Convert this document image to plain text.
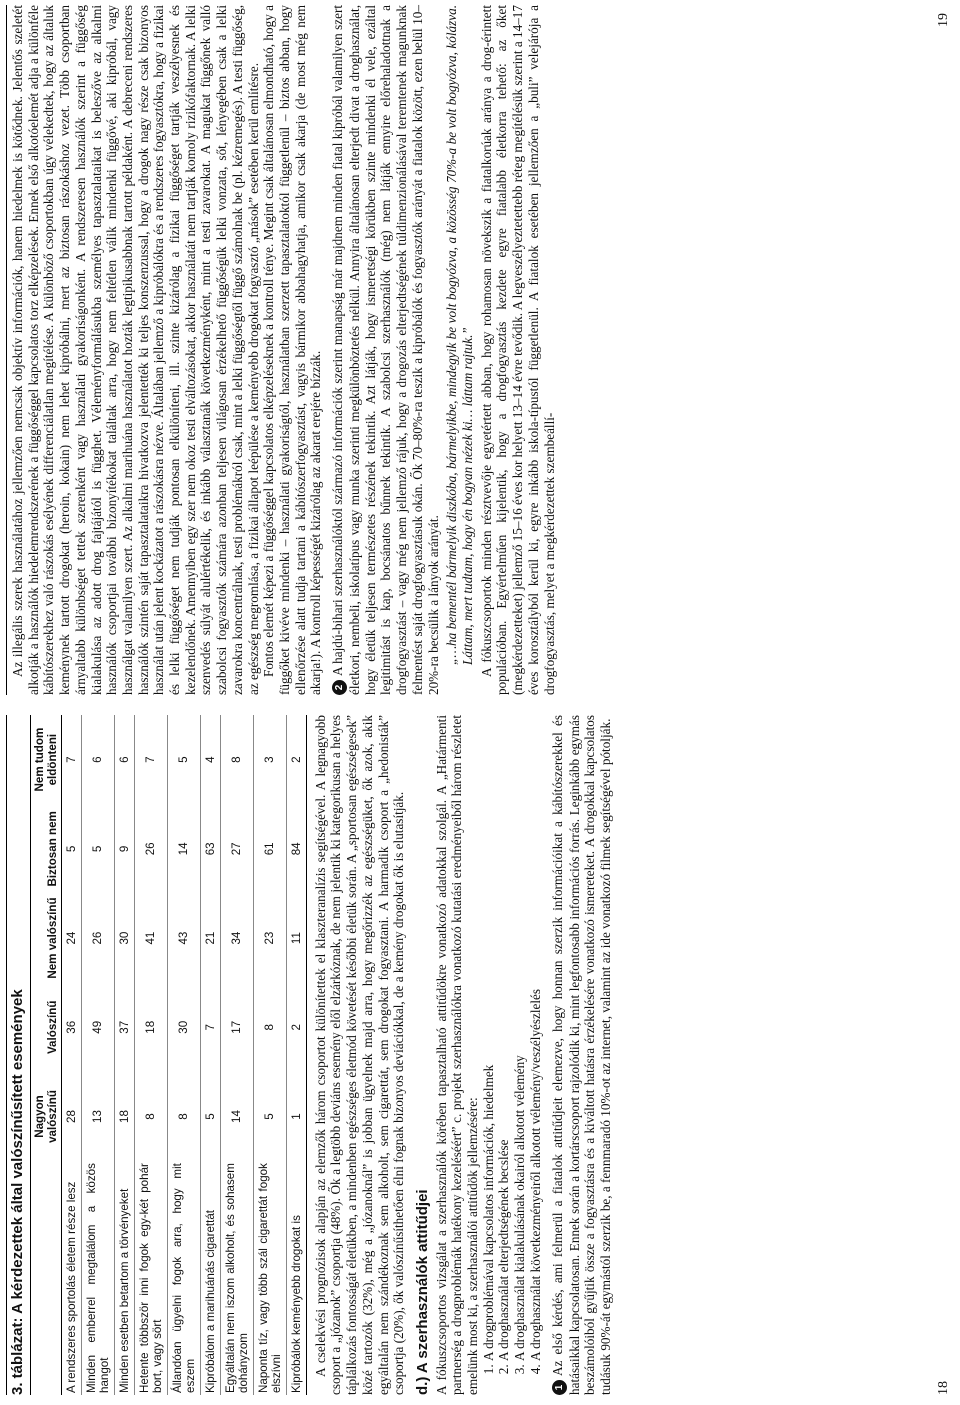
3. táblázat: A kérdezettek által valószínűsített események
	Nagyon valószínű	Valószínű	Nem valószínű	Biztosan nem	Nem tudom eldönteni
A rendszeres sportolás életem része lesz	28	36	24	5	7
Minden emberrel megtalálom a közös hangot	13	49	26	5	6
Minden esetben betartom a törvényeket	18	37	30	9	6
Hetente többször inni fogok egy-két pohár bort, vagy sört	8	18	41	26	7
Állandóan ügyelni fogok arra, hogy mit eszem	8	30	43	14	5
Kipróbálom a marihuánás cigarettát	5	7	21	63	4
Egyáltalán nem iszom alkoholt, és sohasem dohányzom	14	17	34	27	8
Naponta tíz, vagy több szál cigarettát fogok elszívni	5	8	23	61	3
Kipróbálok keményebb drogokat is	1	2	11	84	2 A cselekvési prognózisok alapján az elemzők három csoportot különítettek el klaszteranalízis segítségével. A legnagyobb csoport a „józanok” csoportja (48%). Ők a legtöbb deviáns esemény elől elzárkóznak, de nem jelentik ki kategorikusan a helyes táplálkozás fontosságát életükben, a mindenben egészséges életmód követését későbbi életük során. A „sportosan egészségesek” közé tartozók (32%), még a „józanoknál” is jobban ügyelnek majd arra, hogy megőrizzék az egészségüket, ők azok, akik egyáltalán nem szándékoznak sem alkoholt, sem cigarettát, sem drogokat fogyasztani. A harmadik csoport a „hedonisták” csoportja (20%), ők valószínűsíthetően élni fognak bizonyos deviációkkal, de a kemény drogokat ők is elutasítják. d.) A szerhasználók attitűdjei A fókuszcsoportos vizsgálat a szerhasználók körében tapasztalható attitűdökre vonatkozó adatokkal szolgál. A „Határmenti partnerség a drogproblémák hatékony kezeléséért” c. projekt szerhasználókra vonatkozó kutatási eredményeiből három részletet emelünk most ki, a szerhasználói attitűdök jellemzésére: 1. A drogproblémával kapcsolatos információk, hiedelmek 2. A droghasználat elterjedtségének becslése 3. A droghasználat kialakulásának okairól alkotott vélemény 4. A droghasználat következményeiről alkotott vélemény/veszélyészlelés

1Az első kérdés, ami felmerül a fiatalok attitűdjeit elemezve, hogy honnan szerzik információikat a kábítószerekkel és hatásaikkal kapcsolatosan. Ennek során a kortárscsoport rajzolódik ki, mint legfontosabb információs forrás. Leginkább egymás beszámolóiból gyűjtik össze a fogyasztásra és a kiváltott hatásra érzékelésére vonatkozó ismereteket. A drogokkal kapcsolatos tudásuk 90%-át egymástól szerzik be, a fennmaradó 10%-ot az internet, valamint az ide vonatkozó filmek segítségével pótolják.

Az illegális szerek használatához jellemzően nemcsak objektív információk, hanem hiedelmek is kötődnek. Jelentős szeletét alkotják a használók hiedelemrendszerének a függőséggel kapcsolatos torz elképzelések. Ennek első alkotóelemét adja a különféle kábítószerekhez való rászokás esélyének differenciálatlan megítélése. A különböző csoportokban úgy vélekedtek, hogy az általuk keménynek tartott drogokat (heroin, kokain) nem lehet kipróbálni, mert az biztosan rászokáshoz vezet. Több csoportban árnyaltabb különbséget tettek szerenként vagy használati gyakoriságonként. A rendszeresen használók szerint a függőség kialakulása az adott drog fajtájától is függhet. Véleményformálásukba személyes tapasztalataikat is beleszőve az alkalmi használók csoportjai további bizonyítékokat találtak arra, hogy nem feltétlen válik mindenki függővé, aki kipróbál, vagy használgat valamilyen szert. Az alkalmi marihuána használatot hozták legtipikusabbnak tartott példaként. A debreceni rendszeres használók szintén saját tapasztalataikra hivatkozva jelentették ki teljes konszenzussal, hogy a drogok nagy része csak bizonyos használat után jelent kockázatot a rászokásra nézve. Általában jellemző a kipróbálókra és a rendszeres fogyasztókra, hogy a fizikai és lelki függőséget nem tudják pontosan elkülöníteni, ill. szinte kizárólag a fizikai függőséget tartják veszélyesnek és kezelendőnek. Amennyiben egy szer nem okoz testi elváltozásokat, akkor használatát nem tartják komoly rizikófaktornak. A lelki szenvedés súlyát alulértékelik, és inkább választanák következményként, mint a testi zavarokat. A magukat függőnek valló szabolcsi fogyasztók számára azonban teljesen világosan érzékelhető függőségük lelki vonzata, sőt, lényegében csak a lelki zavarokra koncentrálnak, testi problémákról csak, mint a lelki függőségtől függő számolnak be (pl. kézremegés). A testi függőség, az egészség megromlása, a fizikai állapot leépülése a keményebb drogokat fogyasztó „mások” esetében kerül említésre. Fontos elemét képezi a függőséggel kapcsolatos elképzeléseknek a kontroll ténye. Megint csak általánosan elmondható, hogy a függőket kivéve mindenki – használati gyakoriságtól, használatban szerzett tapasztalatoktól függetlenül – biztos abban, hogy ellenőrzése alatt tudja tartani a kábítószerfogyasztást, vagyis bármikor abbahagyhatja, amikor csak akarja (de most még nem akarja!). A kontroll képességét kizárólag az akarat erejére bízzák.	2A hajdú-bihari szerhasználóktól származó információk szerint manapság már majdnem minden fiatal kipróbál valamilyen szert életkori, nembeli, iskolatípus vagy munka szerinti megkülönböztetés nélkül. Annyira általánosan elterjedt divat a droghasználat, hogy életük teljesen természetes részének tekintik. Azt látják, hogy ismeretségi körükben szinte mindenki él vele, ezáltal legitimitást is kap, bocsánatos bűnnek tekintik. A szabolcsi szerhasználók (még) nem látják ennyire előrehaladottnak a drogfogyasztást – vagy még nem jellemző rájuk, hogy a drogozás elterjedtségének túldimenzionálásával teremtenek magunknak felmentést saját drogfogyasztásuk okán. Ők 70–80%-ra teszik a kipróbálók és fogyasztók arányát a fiatalok között, ezen belül 10–20%-ra becsülik a lányok arányát. „…ha bementél bármelyik diszkóba, bármelyikbe, mindegyik be volt bogyózva, a közösség 70%-a be volt bogyózva, kólázva. Láttam, mert tudtam, hogy én bogyan nézek ki… láttam rajtuk.” A fókuszcsoportok minden résztvevője egyetértett abban, hogy rohamosan növekszik a fiatalkorúak aránya a drog-érintett populációban. Egyértelműen kijelentik, hogy a drogfogyasztás kezdete egyre fiatalabb életkorra tehető: az őket (megkérdezetteket) jellemző 15–16 éves kor helyett 13–14 évre tevődik. A legveszélyeztetettebb réteg megítélésük szerint a 14–17 éves korosztályból kerül ki, egyre inkább iskola-típustól függetlenül. A fiatalok esetében jellemzően a „buli” velejárója a drogfogyasztás, melyet a megkérdezettek szembeállí-

18
19
